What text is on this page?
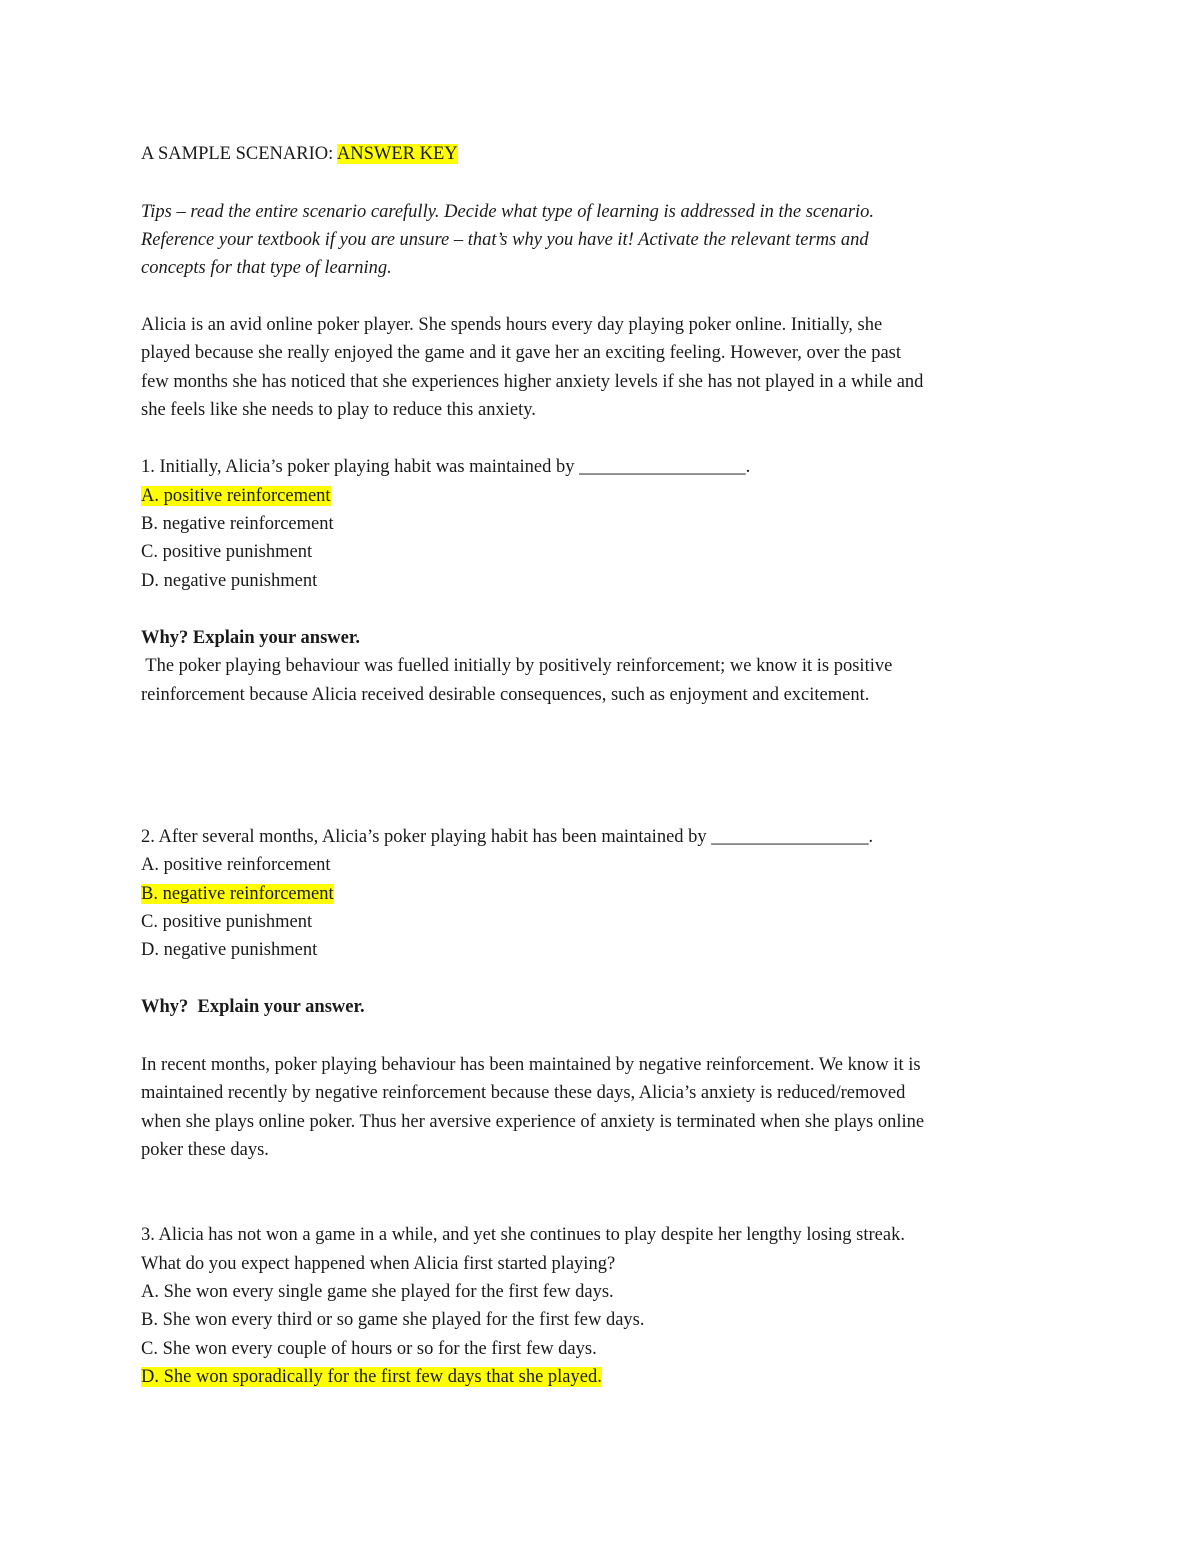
A SAMPLE SCENARIO: ANSWER KEY
Tips – read the entire scenario carefully. Decide what type of learning is addressed in the scenario.
Reference your textbook if you are unsure – that’s why you have it! Activate the relevant terms and
concepts for that type of learning.
Alicia is an avid online poker player. She spends hours every day playing poker online. Initially, she
played because she really enjoyed the game and it gave her an exciting feeling. However, over the past
few months she has noticed that she experiences higher anxiety levels if she has not played in a while and
she feels like she needs to play to reduce this anxiety.
1. Initially, Alicia’s poker playing habit was maintained by __________________.
A. positive reinforcement
B. negative reinforcement
C. positive punishment
D. negative punishment
Why? Explain your answer.
The poker playing behaviour was fuelled initially by positively reinforcement; we know it is positive
reinforcement because Alicia received desirable consequences, such as enjoyment and excitement.
2. After several months, Alicia’s poker playing habit has been maintained by _________________.
A. positive reinforcement
B. negative reinforcement
C. positive punishment
D. negative punishment
Why?  Explain your answer.
In recent months, poker playing behaviour has been maintained by negative reinforcement. We know it is
maintained recently by negative reinforcement because these days, Alicia’s anxiety is reduced/removed
when she plays online poker. Thus her aversive experience of anxiety is terminated when she plays online
poker these days.
3. Alicia has not won a game in a while, and yet she continues to play despite her lengthy losing streak.
What do you expect happened when Alicia first started playing?
A. She won every single game she played for the first few days.
B. She won every third or so game she played for the first few days.
C. She won every couple of hours or so for the first few days.
D. She won sporadically for the first few days that she played.
